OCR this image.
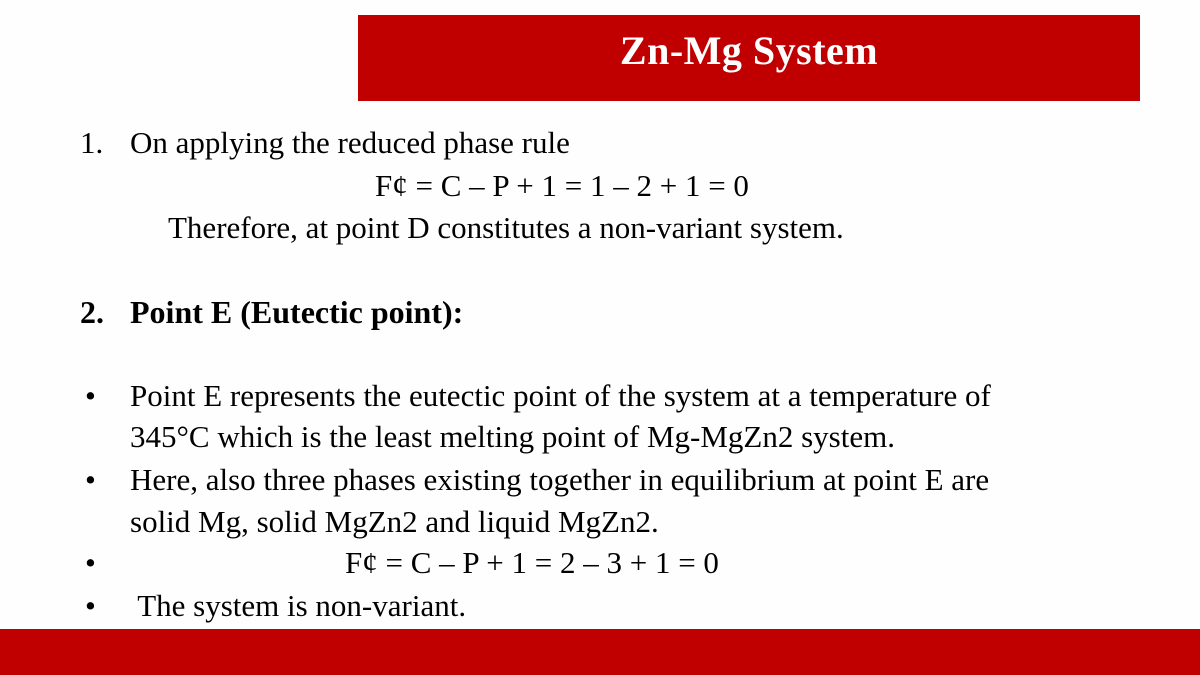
Zn-Mg System
1. On applying the reduced phase rule
F¢ = C – P + 1 = 1 – 2 + 1 = 0
Therefore, at point D constitutes a non-variant system.
2. Point E (Eutectic point):
• Point E represents the eutectic point of the system at a temperature of
345°C which is the least melting point of Mg-MgZn2 system.
• Here, also three phases existing together in equilibrium at point E are
solid Mg, solid MgZn2 and liquid MgZn2.
•	F¢ = C – P + 1 = 2 – 3 + 1 = 0
• The system is non-variant.
